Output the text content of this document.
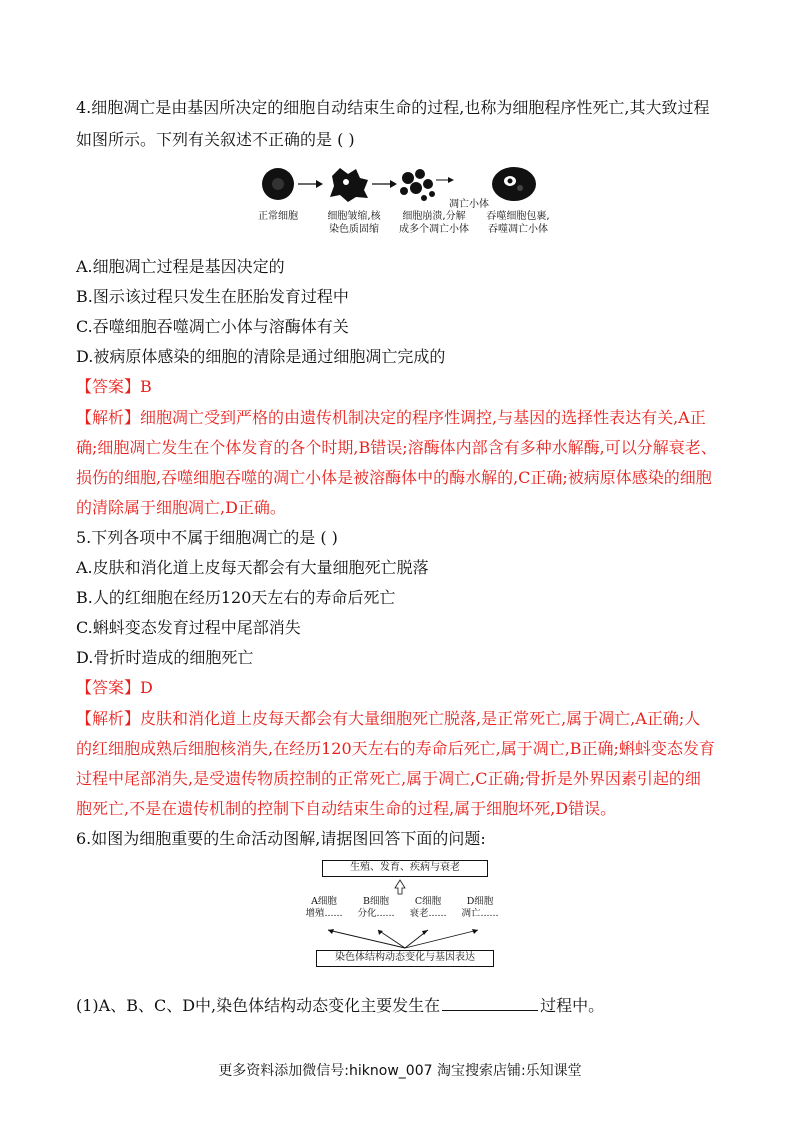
4.细胞凋亡是由基因所决定的细胞自动结束生命的过程,也称为细胞程序性死亡,其大致过程
如图所示。下列有关叙述不正确的是 ( )
正常细胞	细胞皱缩,核
染色质固缩
凋亡小体
细胞崩溃,分解
成多个凋亡小体
吞噬细胞包裹,
吞噬凋亡小体
A.细胞凋亡过程是基因决定的
B.图示该过程只发生在胚胎发育过程中
C.吞噬细胞吞噬凋亡小体与溶酶体有关
D.被病原体感染的细胞的清除是通过细胞凋亡完成的
【答案】B
【解析】细胞凋亡受到严格的由遗传机制决定的程序性调控,与基因的选择性表达有关,A正
确;细胞凋亡发生在个体发育的各个时期,B错误;溶酶体内部含有多种水解酶,可以分解衰老、
损伤的细胞,吞噬细胞吞噬的凋亡小体是被溶酶体中的酶水解的,C正确;被病原体感染的细胞
的清除属于细胞凋亡,D正确。
5.下列各项中不属于细胞凋亡的是 ( )
A.皮肤和消化道上皮每天都会有大量细胞死亡脱落
B.人的红细胞在经历120天左右的寿命后死亡
C.蝌蚪变态发育过程中尾部消失
D.骨折时造成的细胞死亡
【答案】D
【解析】皮肤和消化道上皮每天都会有大量细胞死亡脱落,是正常死亡,属于凋亡,A正确;人
的红细胞成熟后细胞核消失,在经历120天左右的寿命后死亡,属于凋亡,B正确;蝌蚪变态发育
过程中尾部消失,是受遗传物质控制的正常死亡,属于凋亡,C正确;骨折是外界因素引起的细
胞死亡,不是在遗传机制的控制下自动结束生命的过程,属于细胞坏死,D错误。
6.如图为细胞重要的生命活动图解,请据图回答下面的问题:
生殖、发育、疾病与衰老
A细胞
增殖......
B细胞
分化......
C细胞
衰老......
D细胞
凋亡......
染色体结构动态变化与基因表达
(1)A、B、C、D中,染色体结构动态变化主要发生在	过程中。
更多资料添加微信号:hiknow_007 淘宝搜索店铺:乐知课堂
